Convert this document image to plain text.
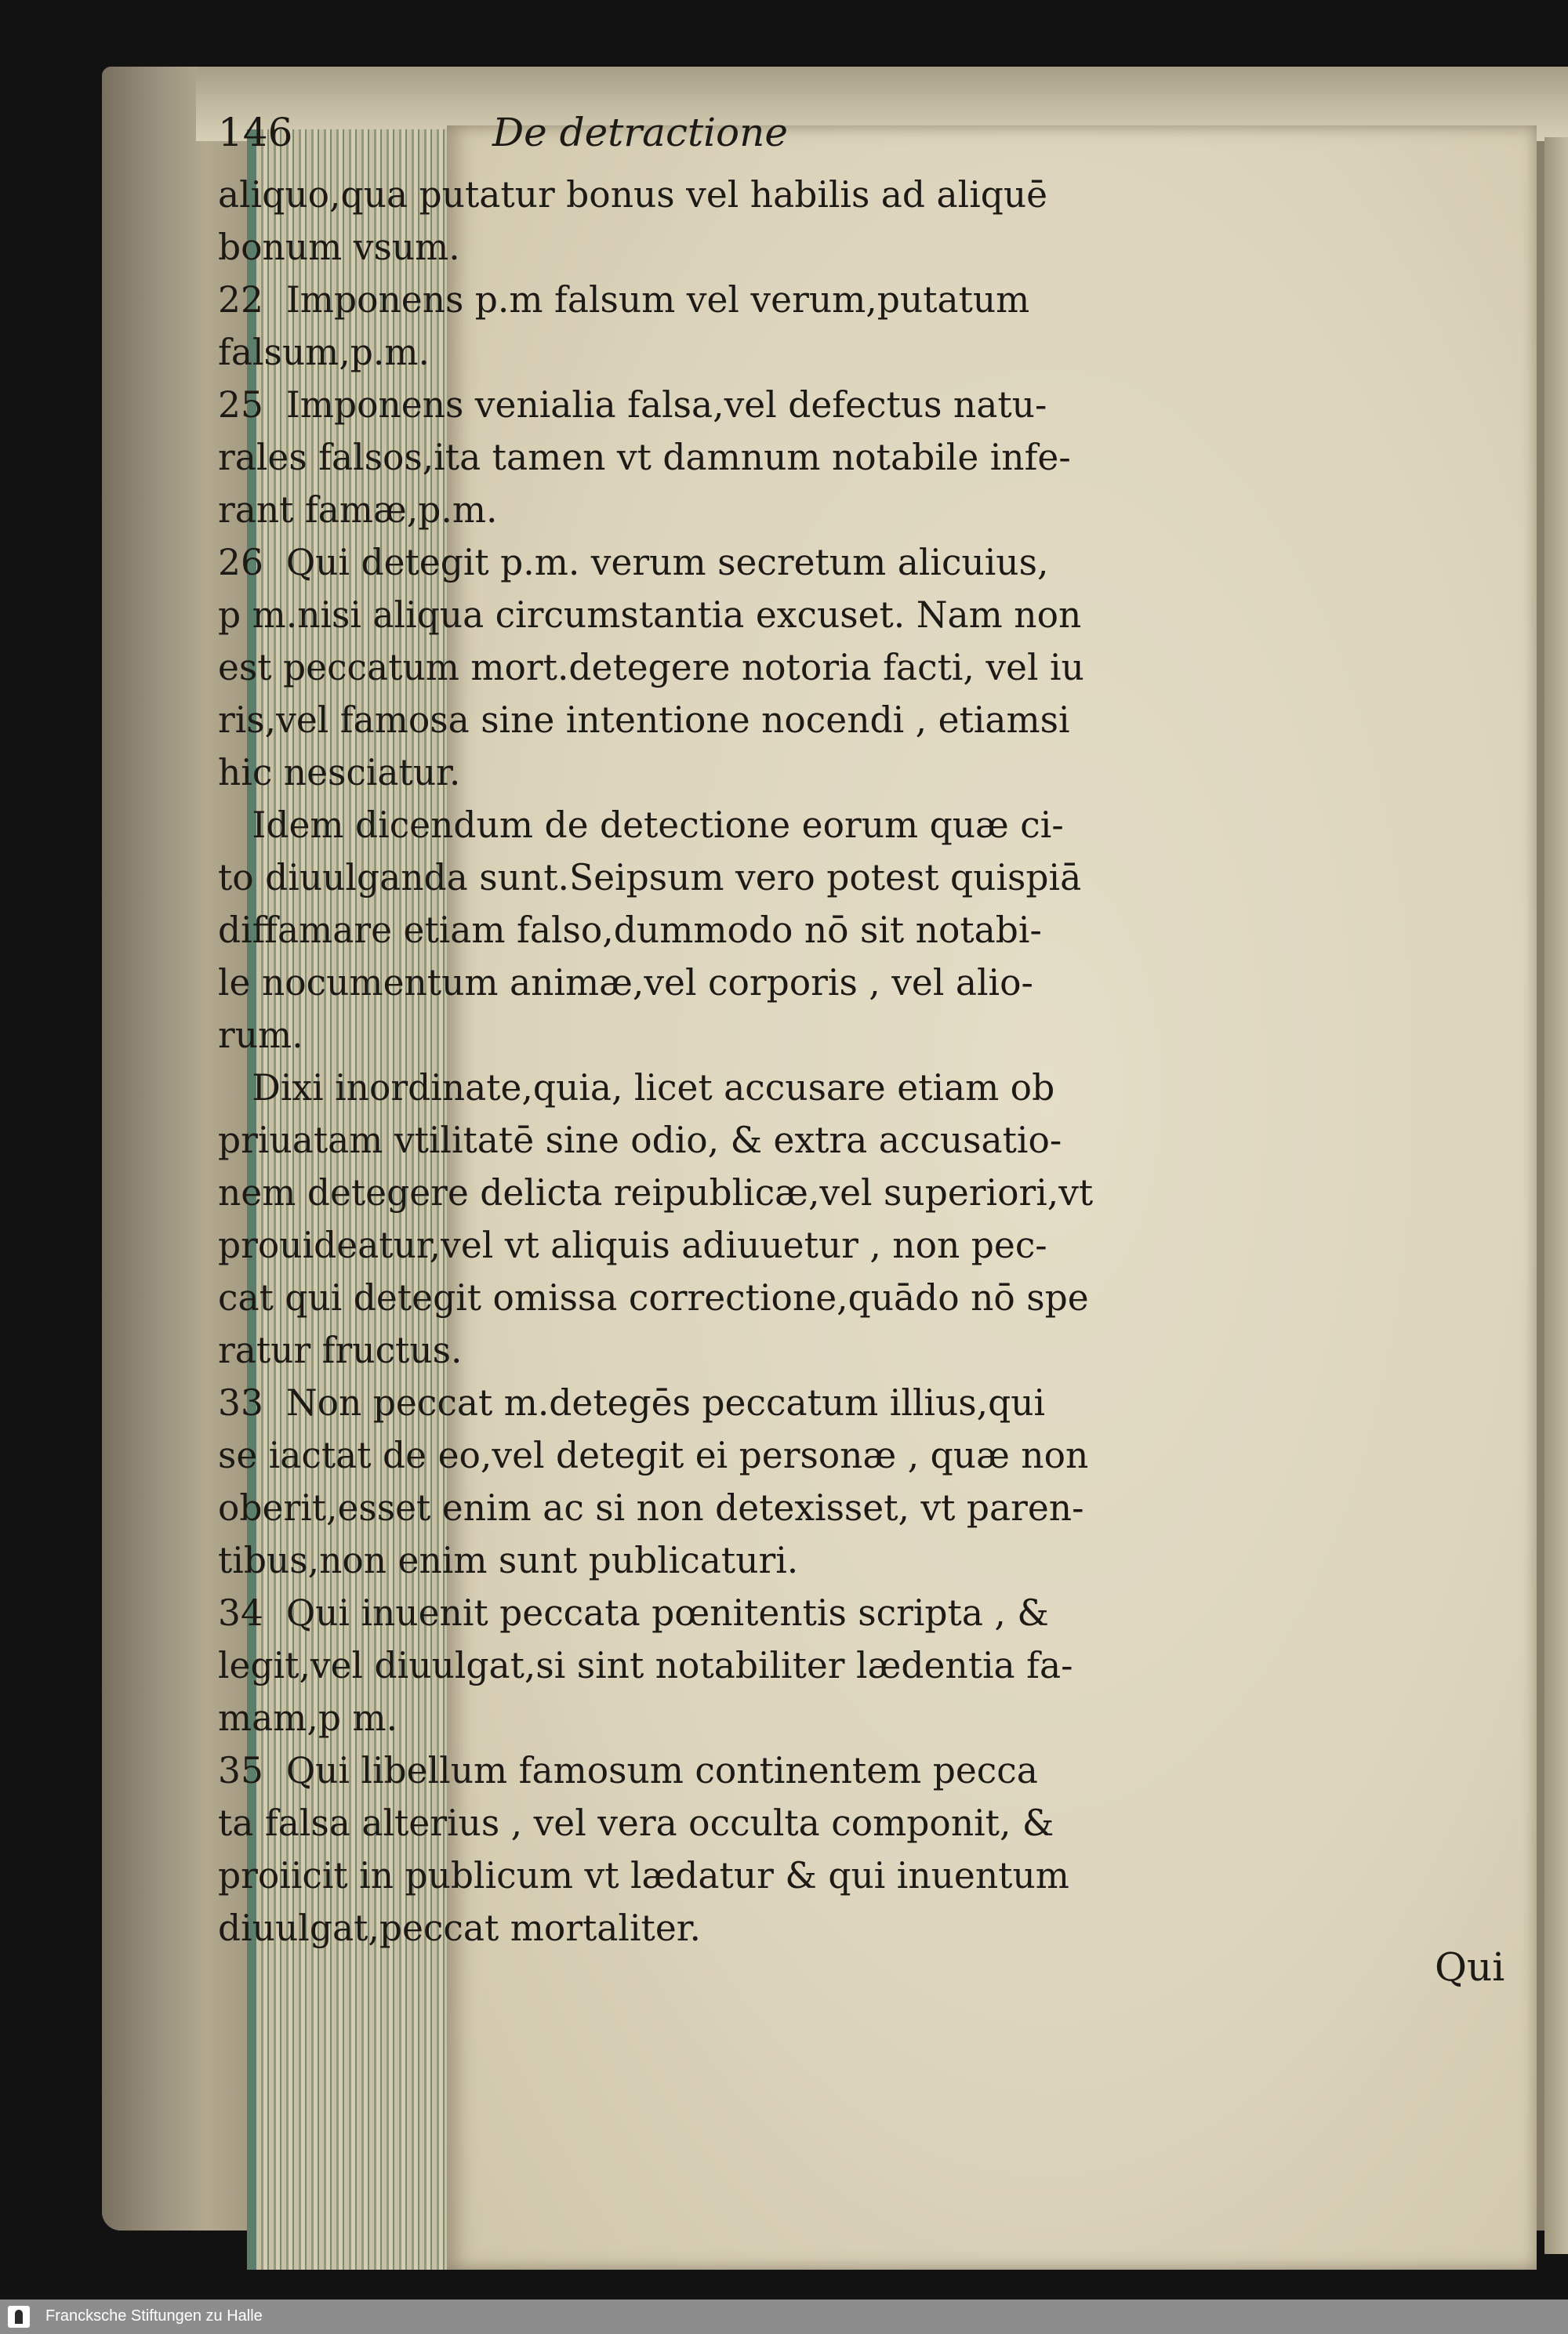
146	De detractione
aliquo,qua putatur bonus vel habilis ad aliquē
bonum vsum.
22  Imponens p.m falsum vel verum,putatum
falsum,p.m.
25  Imponens venialia falsa,vel defectus natu-
rales falsos,ita tamen vt damnum notabile infe-
rant famæ,p.m.
26  Qui detegit p.m. verum secretum alicuius,
p m.nisi aliqua circumstantia excuset. Nam non
est peccatum mort.detegere notoria facti, vel iu
ris,vel famosa sine intentione nocendi , etiamsi
hic nesciatur.
Idem dicendum de detectione eorum quæ ci-
to diuulganda sunt.Seipsum vero potest quispiā
diffamare etiam falso,dummodo nō sit notabi-
le nocumentum animæ,vel corporis , vel alio-
rum.
Dixi inordinate,quia, licet accusare etiam ob
priuatam vtilitatē sine odio, & extra accusatio-
nem detegere delicta reipublicæ,vel superiori,vt
prouideatur,vel vt aliquis adiuuetur , non pec-
cat qui detegit omissa correctione,quādo nō spe
ratur fructus.
33  Non peccat m.detegēs peccatum illius,qui
se iactat de eo,vel detegit ei personæ , quæ non
oberit,esset enim ac si non detexisset, vt paren-
tibus,non enim sunt publicaturi.
34  Qui inuenit peccata pœnitentis scripta , &
legit,vel diuulgat,si sint notabiliter lædentia fa-
mam,p m.
35  Qui libellum famosum continentem pecca
ta falsa alterius , vel vera occulta componit, &
proiicit in publicum vt lædatur & qui inuentum
diuulgat,peccat mortaliter.
Qui
Francksche Stiftungen zu Halle
